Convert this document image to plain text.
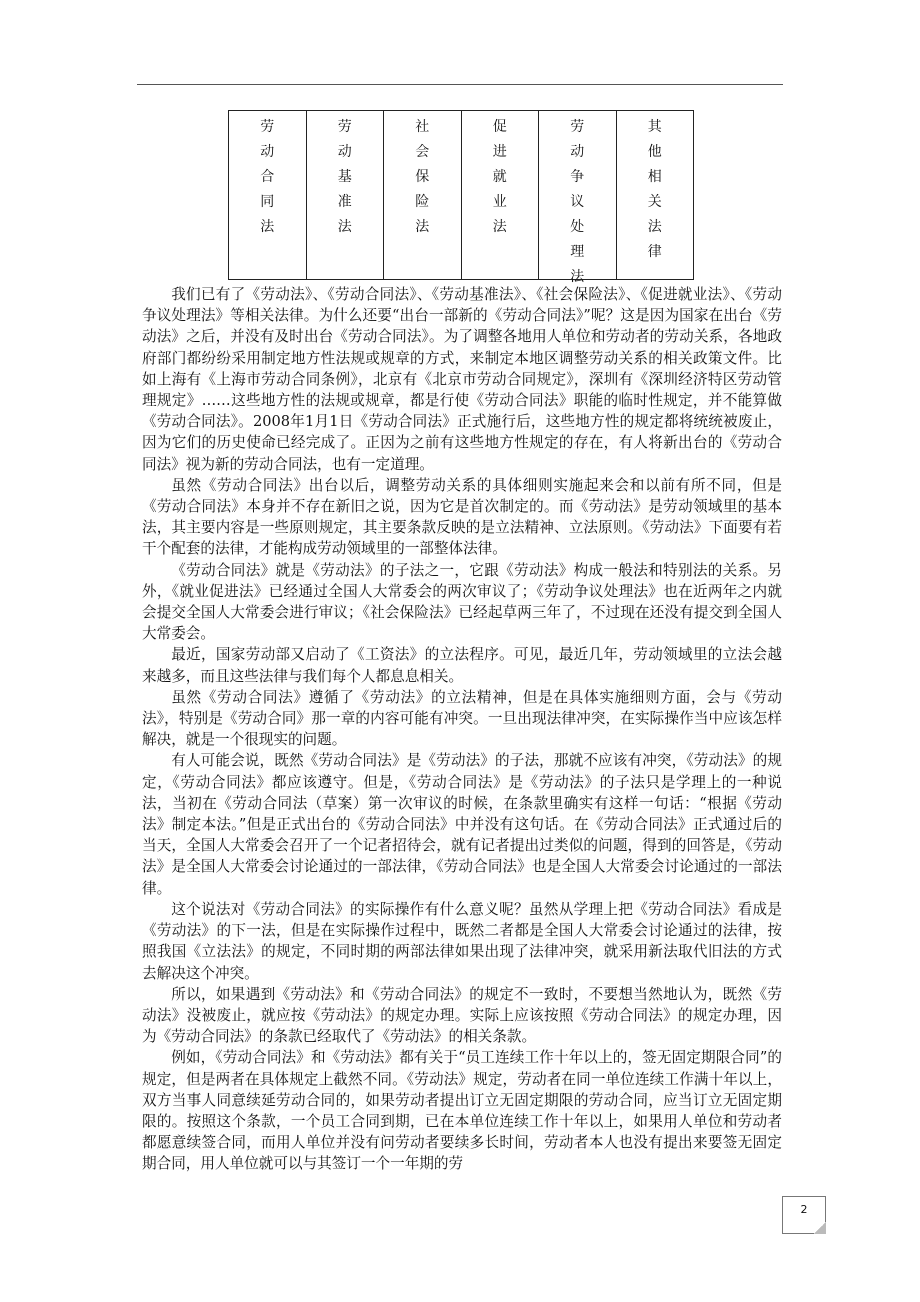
劳动合同法
劳动基准法
社会保险法
促进就业法
劳动争议处理法
其他相关法律

我们已有了《劳动法》、《劳动合同法》、《劳动基准法》、《社会保险法》、《促进就业法》、《劳动争议处理法》等相关法律。为什么还要“出台一部新的《劳动合同法》”呢？这是因为国家在出台《劳动法》之后，并没有及时出台《劳动合同法》。为了调整各地用人单位和劳动者的劳动关系，各地政府部门都纷纷采用制定地方性法规或规章的方式，来制定本地区调整劳动关系的相关政策文件。比如上海有《上海市劳动合同条例》，北京有《北京市劳动合同规定》，深圳有《深圳经济特区劳动管理规定》……这些地方性的法规或规章，都是行使《劳动合同法》职能的临时性规定，并不能算做《劳动合同法》。2008年1月1日《劳动合同法》正式施行后，这些地方性的规定都将统统被废止，因为它们的历史使命已经完成了。正因为之前有这些地方性规定的存在，有人将新出台的《劳动合同法》视为新的劳动合同法，也有一定道理。

虽然《劳动合同法》出台以后，调整劳动关系的具体细则实施起来会和以前有所不同，但是《劳动合同法》本身并不存在新旧之说，因为它是首次制定的。而《劳动法》是劳动领域里的基本法，其主要内容是一些原则规定，其主要条款反映的是立法精神、立法原则。《劳动法》下面要有若干个配套的法律，才能构成劳动领域里的一部整体法律。

《劳动合同法》就是《劳动法》的子法之一，它跟《劳动法》构成一般法和特别法的关系。另外，《就业促进法》已经通过全国人大常委会的两次审议了；《劳动争议处理法》也在近两年之内就会提交全国人大常委会进行审议；《社会保险法》已经起草两三年了，不过现在还没有提交到全国人大常委会。

最近，国家劳动部又启动了《工资法》的立法程序。可见，最近几年，劳动领域里的立法会越来越多，而且这些法律与我们每个人都息息相关。

虽然《劳动合同法》遵循了《劳动法》的立法精神，但是在具体实施细则方面，会与《劳动法》，特别是《劳动合同》那一章的内容可能有冲突。一旦出现法律冲突，在实际操作当中应该怎样解决，就是一个很现实的问题。

有人可能会说，既然《劳动合同法》是《劳动法》的子法，那就不应该有冲突，《劳动法》的规定，《劳动合同法》都应该遵守。但是，《劳动合同法》是《劳动法》的子法只是学理上的一种说法，当初在《劳动合同法（草案）第一次审议的时候，在条款里确实有这样一句话：“根据《劳动法》制定本法。”但是正式出台的《劳动合同法》中并没有这句话。在《劳动合同法》正式通过后的当天，全国人大常委会召开了一个记者招待会，就有记者提出过类似的问题，得到的回答是，《劳动法》是全国人大常委会讨论通过的一部法律，《劳动合同法》也是全国人大常委会讨论通过的一部法律。

这个说法对《劳动合同法》的实际操作有什么意义呢？虽然从学理上把《劳动合同法》看成是《劳动法》的下一法，但是在实际操作过程中，既然二者都是全国人大常委会讨论通过的法律，按照我国《立法法》的规定，不同时期的两部法律如果出现了法律冲突，就采用新法取代旧法的方式去解决这个冲突。

所以，如果遇到《劳动法》和《劳动合同法》的规定不一致时，不要想当然地认为，既然《劳动法》没被废止，就应按《劳动法》的规定办理。实际上应该按照《劳动合同法》的规定办理，因为《劳动合同法》的条款已经取代了《劳动法》的相关条款。

例如，《劳动合同法》和《劳动法》都有关于“员工连续工作十年以上的，签无固定期限合同”的规定，但是两者在具体规定上截然不同。《劳动法》规定，劳动者在同一单位连续工作满十年以上，双方当事人同意续延劳动合同的，如果劳动者提出订立无固定期限的劳动合同，应当订立无固定期限的。按照这个条款，一个员工合同到期，已在本单位连续工作十年以上，如果用人单位和劳动者都愿意续签合同，而用人单位并没有问劳动者要续多长时间，劳动者本人也没有提出来要签无固定期合同，用人单位就可以与其签订一个一年期的劳

2
